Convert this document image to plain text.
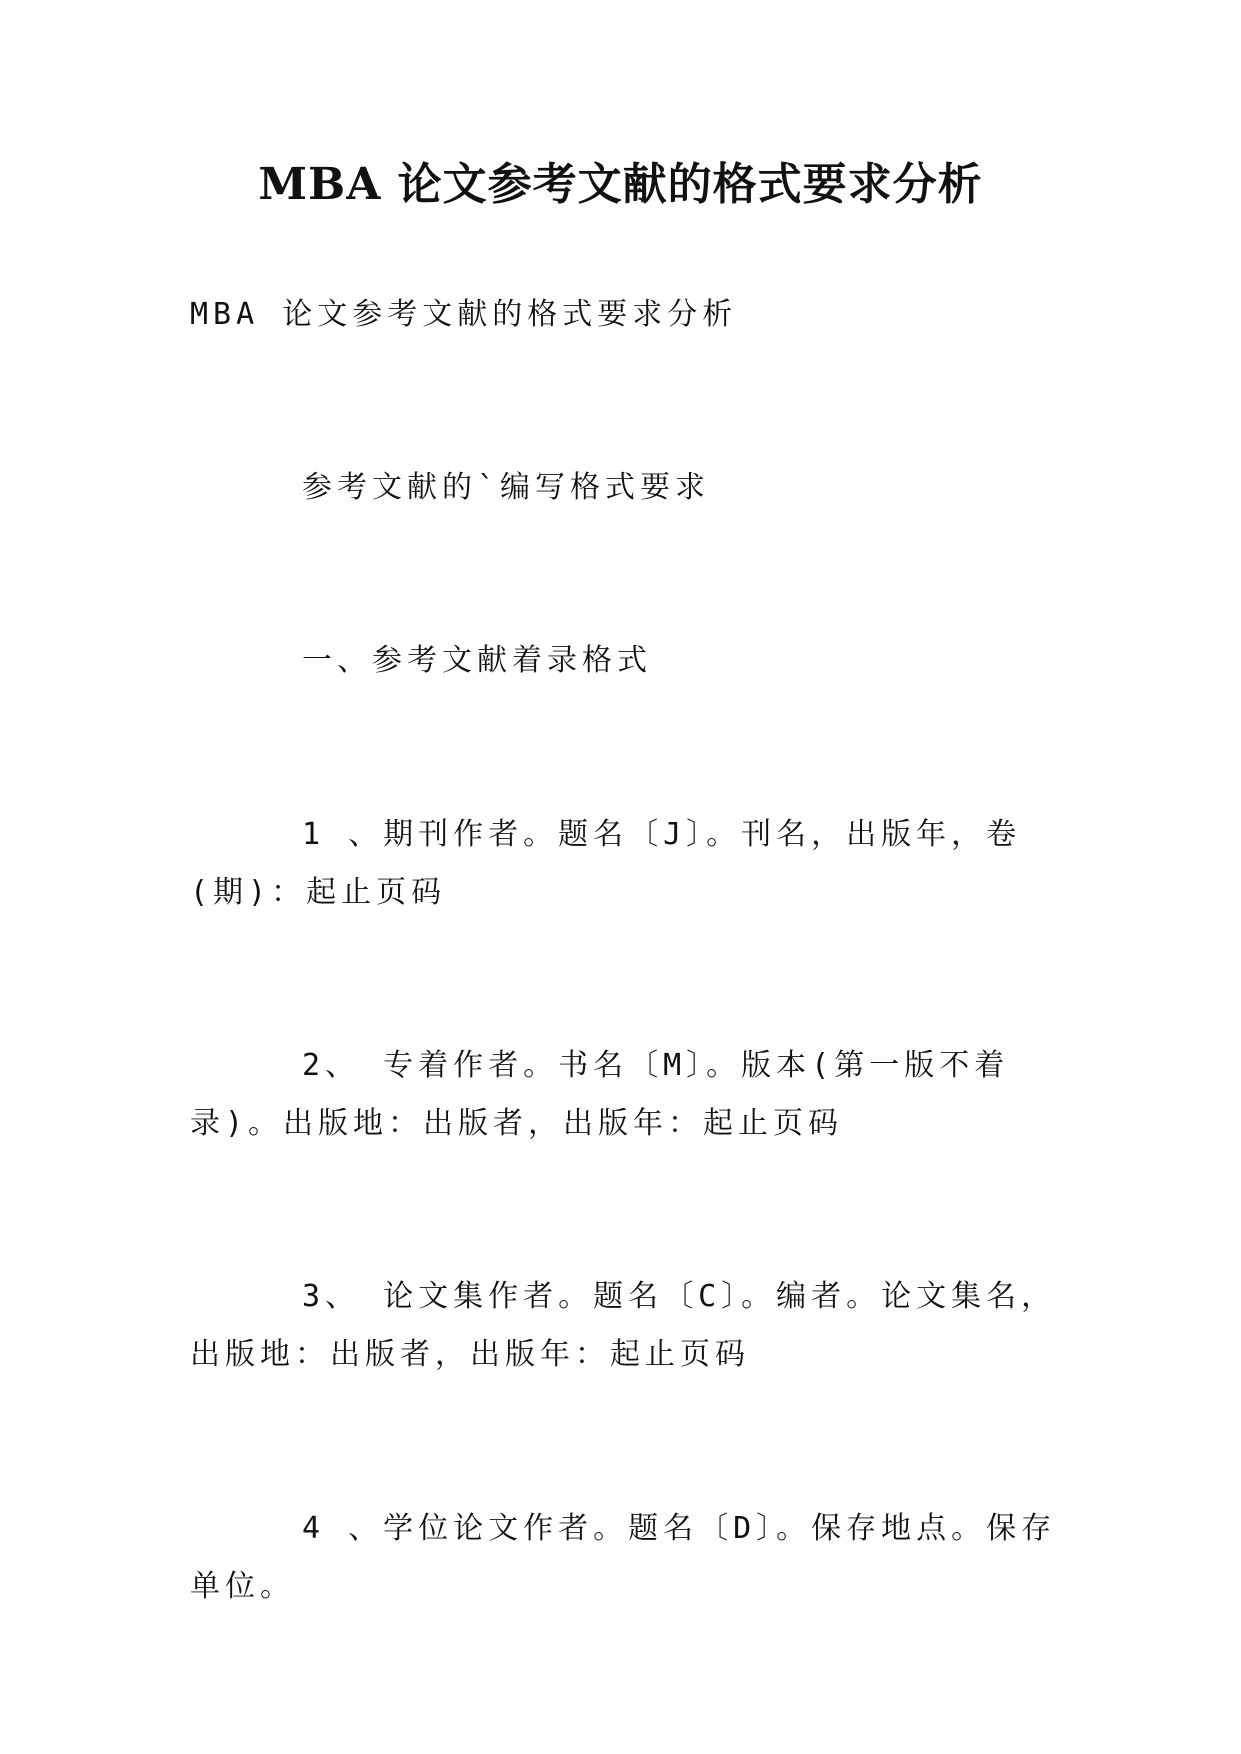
MBA 论文参考文献的格式要求分析

MBA 论文参考文献的格式要求分析

参考文献的`编写格式要求

一、参考文献着录格式

1 、期刊作者。题名〔J〕。刊名，出版年，卷(期)：起止页码

2、 专着作者。书名〔M〕。版本(第一版不着录)。出版地：出版者，出版年：起止页码

3、 论文集作者。题名〔C〕。编者。论文集名，出版地：出版者，出版年：起止页码

4 、学位论文作者。题名〔D〕。保存地点。保存单位。
